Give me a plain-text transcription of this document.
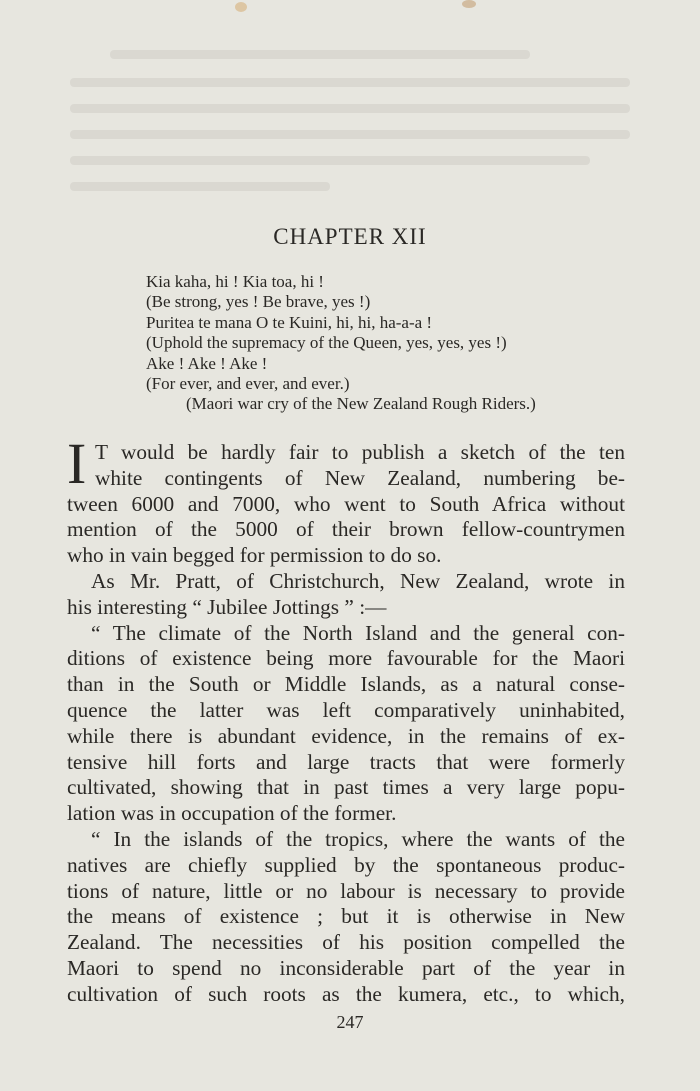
CHAPTER XII
Kia kaha, hi ! Kia toa, hi !
(Be strong, yes ! Be brave, yes !)
Puritea te mana O te Kuini, hi, hi, ha-a-a !
(Uphold the supremacy of the Queen, yes, yes, yes !)
Ake ! Ake ! Ake !
(For ever, and ever, and ever.)
(Maori war cry of the New Zealand Rough Riders.)
I T would be hardly fair to publish a sketch of the ten
white contingents of New Zealand, numbering be-
tween 6000 and 7000, who went to South Africa without
mention of the 5000 of their brown fellow-countrymen
who in vain begged for permission to do so.
As Mr. Pratt, of Christchurch, New Zealand, wrote in
his interesting “ Jubilee Jottings ” :—
“ The climate of the North Island and the general con-
ditions of existence being more favourable for the Maori
than in the South or Middle Islands, as a natural conse-
quence the latter was left comparatively uninhabited,
while there is abundant evidence, in the remains of ex-
tensive hill forts and large tracts that were formerly
cultivated, showing that in past times a very large popu-
lation was in occupation of the former.
“ In the islands of the tropics, where the wants of the
natives are chiefly supplied by the spontaneous produc-
tions of nature, little or no labour is necessary to provide
the means of existence ; but it is otherwise in New
Zealand. The necessities of his position compelled the
Maori to spend no inconsiderable part of the year in
cultivation of such roots as the kumera, etc., to which,
247
